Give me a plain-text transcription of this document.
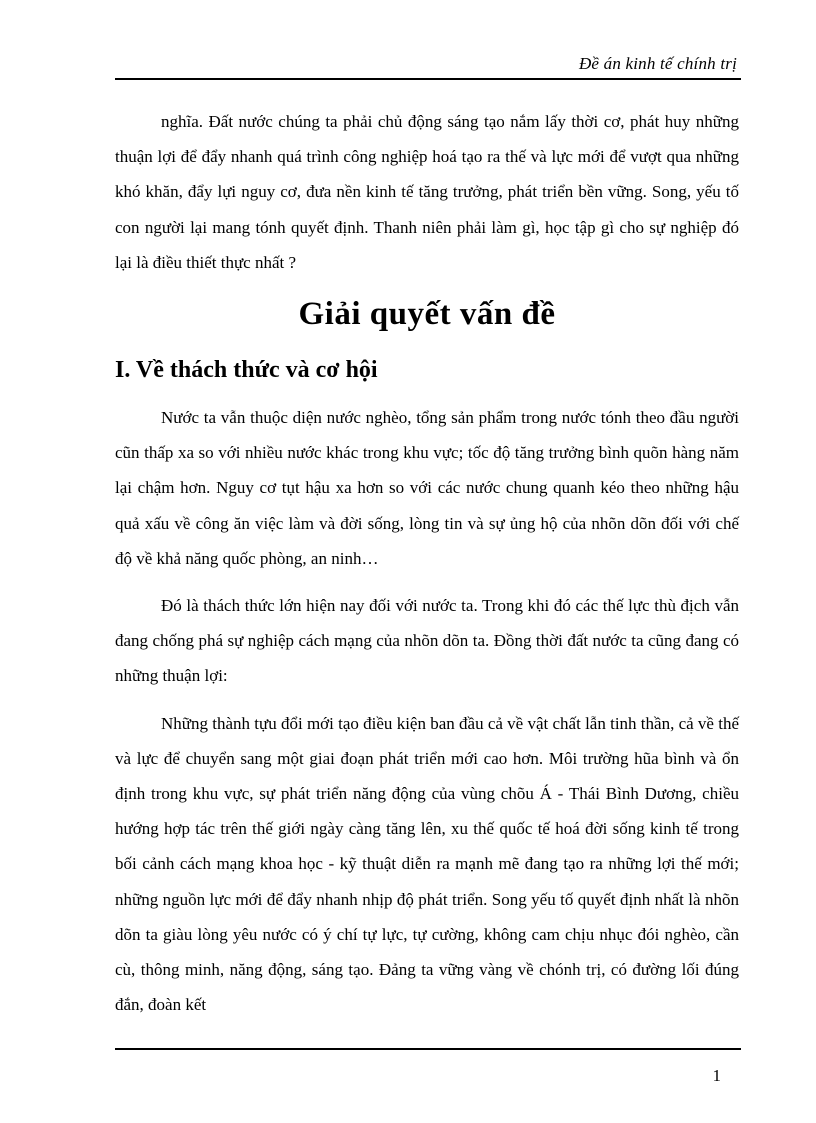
Đề án kinh tế chính trị

nghĩa. Đất nước chúng ta phải chủ động sáng tạo nắm lấy thời cơ, phát huy những thuận lợi để đẩy nhanh quá trình công nghiệp hoá tạo ra thế và lực mới để vượt qua những khó khăn, đẩy lựi nguy cơ, đưa nền kinh tế tăng trưởng, phát triển bền vững. Song, yếu tố con người lại mang tónh quyết định. Thanh niên phải làm gì, học tập gì cho sự nghiệp đó lại là điều thiết thực nhất ?

Giải quyết vấn đề
I. Về thách thức và cơ hội

Nước ta vẫn thuộc diện nước nghèo, tổng sản phẩm trong nước tónh theo đầu người cũn thấp xa so với nhiều nước khác trong khu vực; tốc độ tăng trưởng bình quõn hàng năm lại chậm hơn. Nguy cơ tụt hậu xa hơn so với các nước chung quanh kéo theo những hậu quả xấu về công ăn việc làm và đời sống, lòng tin và sự ủng hộ của nhõn dõn đối với chế độ về khả năng quốc phòng, an ninh…

Đó là thách thức lớn hiện nay đối với nước ta. Trong khi đó các thế lực thù địch vẫn đang chống phá sự nghiệp cách mạng của nhõn dõn ta. Đồng thời đất nước ta cũng đang có những thuận lợi:

Những thành tựu đổi mới tạo điều kiện ban đầu cả về vật chất lẫn tinh thần, cả về thế và lực để chuyển sang một giai đoạn phát triển mới cao hơn. Môi trường hũa bình và ổn định trong khu vực, sự phát triển năng động của vùng chõu Á - Thái Bình Dương, chiều hướng hợp tác trên thế giới ngày càng tăng lên, xu thế quốc tế hoá đời sống kinh tế trong bối cảnh cách mạng khoa học - kỹ thuật diễn ra mạnh mẽ đang tạo ra những lợi thế mới; những nguồn lực mới để đẩy nhanh nhịp độ phát triển. Song yếu tố quyết định nhất là nhõn dõn ta giàu lòng yêu nước có ý chí tự lực, tự cường, không cam chịu nhục đói nghèo, cần cù, thông minh, năng động, sáng tạo. Đảng ta vững vàng về chónh trị, có đường lối đúng đắn, đoàn kết

1
